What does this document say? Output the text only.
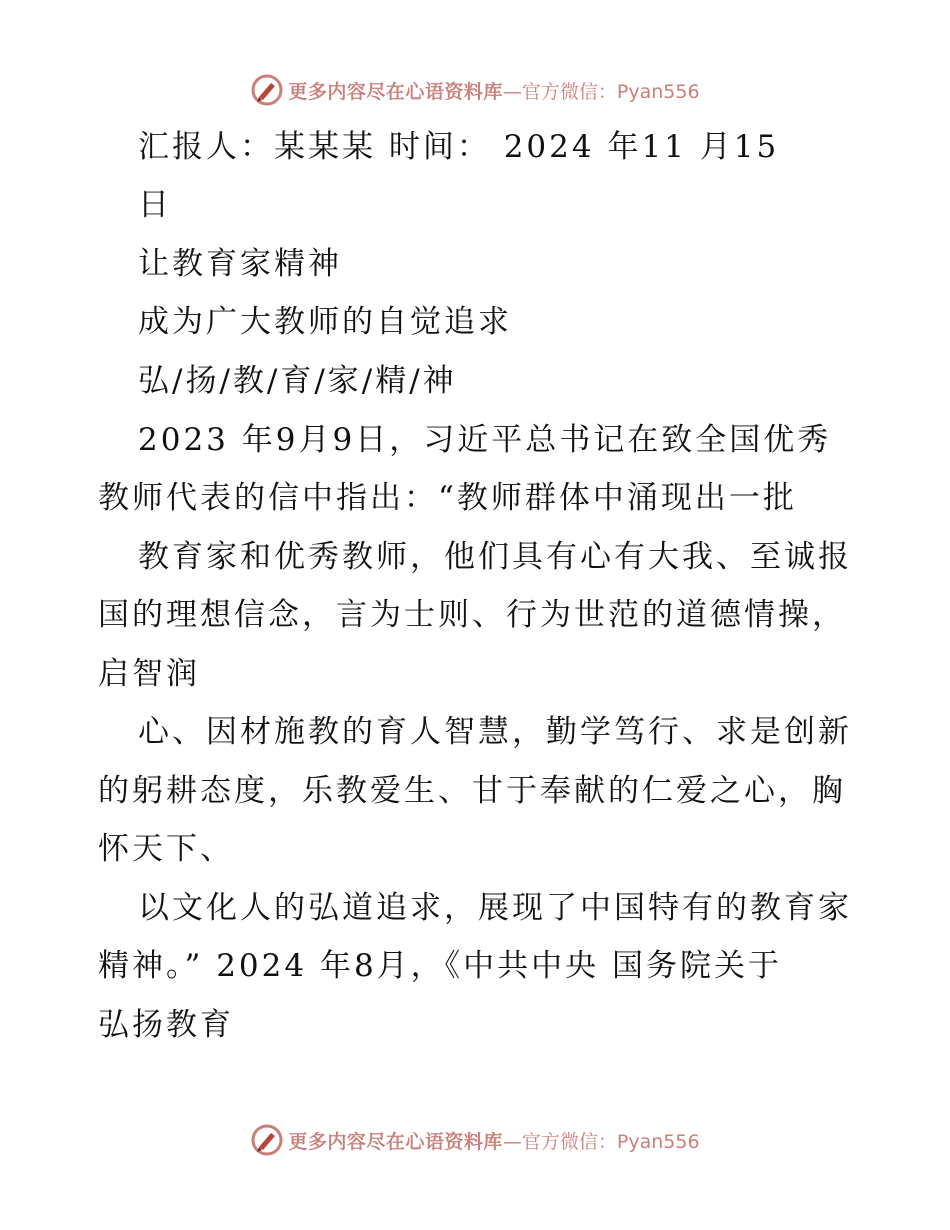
更多内容尽在心语资料库 —官方微信：Pyan556
汇报人：某某某 时间： 2024 年11 月15
日
让教育家精神
成为广大教师的自觉追求
弘/扬/教/育/家/精/神
2023 年9月9日，习近平总书记在致全国优秀
教师代表的信中指出：“教师群体中涌现出一批
教育家和优秀教师，他们具有心有大我、至诚报
国的理想信念，言为士则、行为世范的道德情操，
启智润
心、因材施教的育人智慧，勤学笃行、求是创新
的躬耕态度，乐教爱生、甘于奉献的仁爱之心，胸
怀天下、
以文化人的弘道追求，展现了中国特有的教育家
精神。” 2024 年8月，《中共中央 国务院关于
弘扬教育
更多内容尽在心语资料库 —官方微信：Pyan556
